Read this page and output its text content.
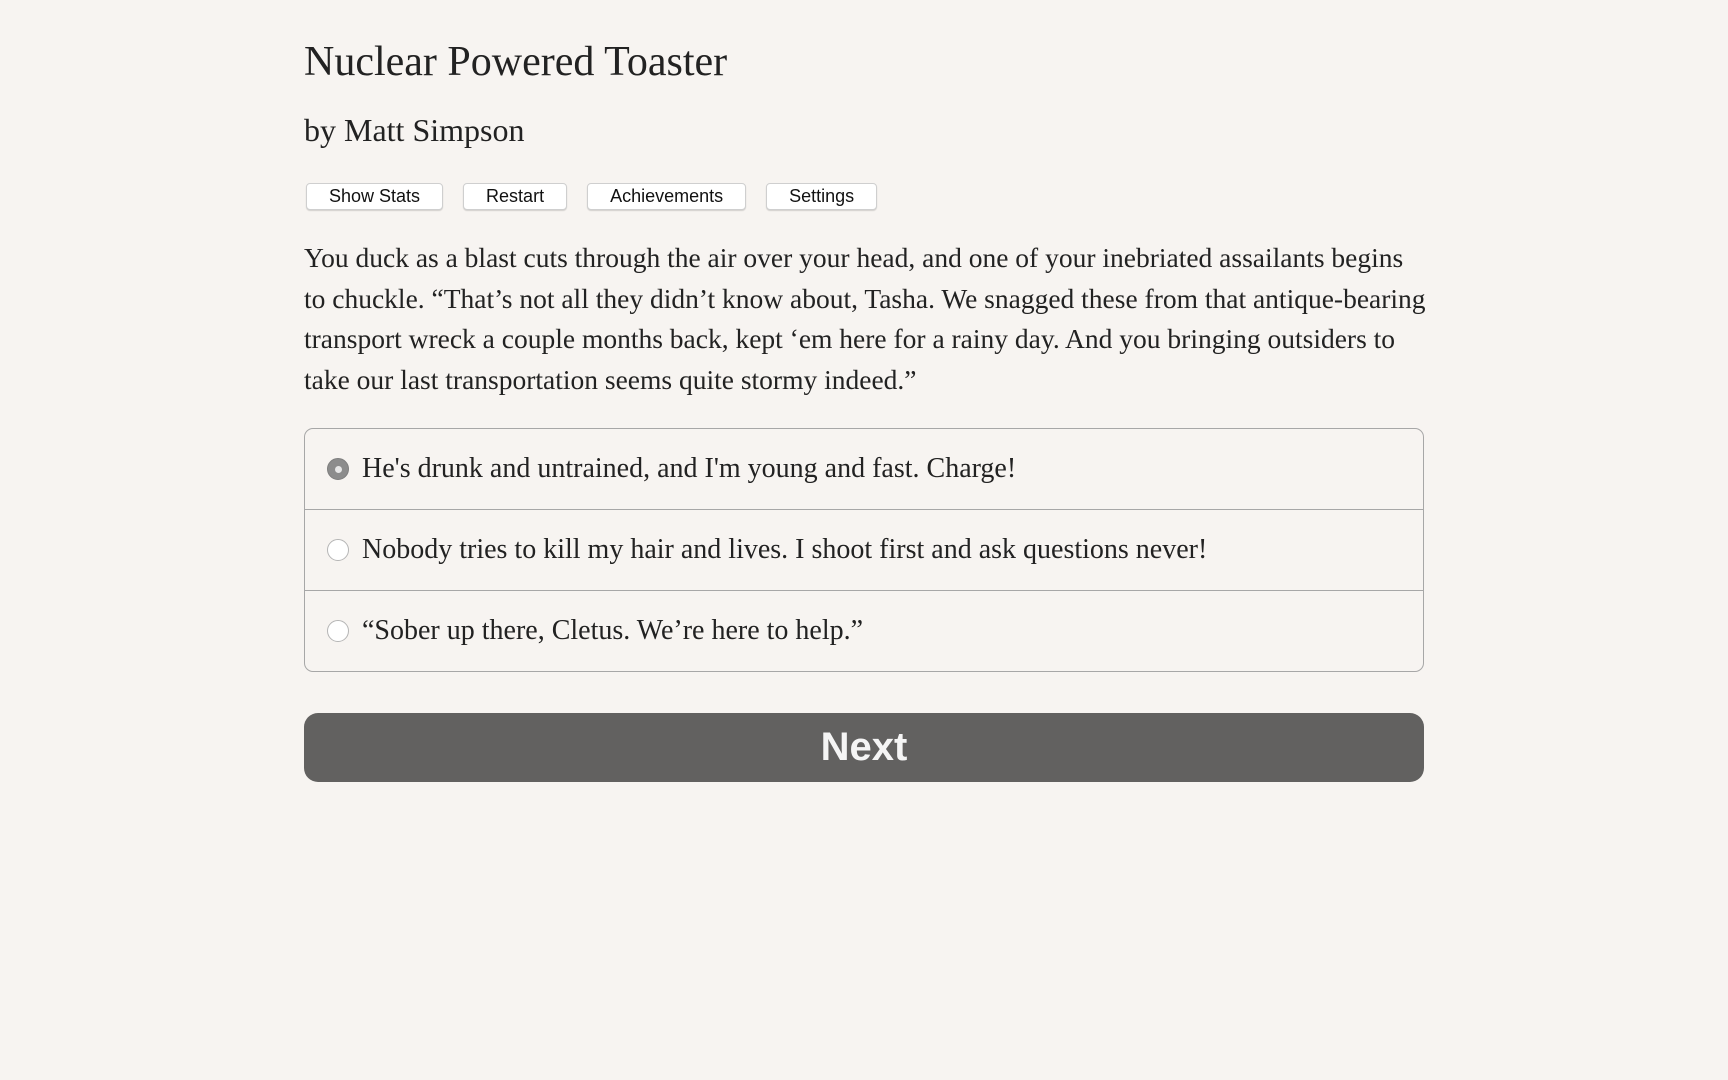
Nuclear Powered Toaster
by Matt Simpson
Show Stats	Restart	Achievements	Settings

You duck as a blast cuts through the air over your head, and one of your inebriated assailants begins to chuckle. “That’s not all they didn’t know about, Tasha. We snagged these from that antique-bearing transport wreck a couple months back, kept ‘em here for a rainy day. And you bringing outsiders to take our last transportation seems quite stormy indeed.”

He's drunk and untrained, and I'm young and fast. Charge!
Nobody tries to kill my hair and lives. I shoot first and ask questions never!
“Sober up there, Cletus. We’re here to help.”
Next
